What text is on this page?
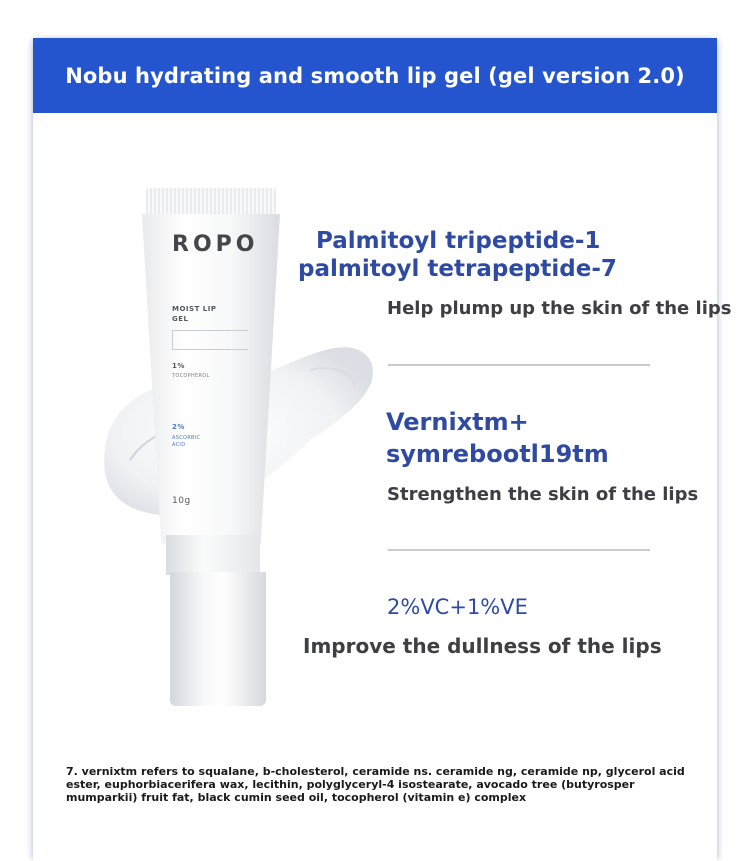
Nobu hydrating and smooth lip gel (gel version 2.0)
ROPO
MOIST LIP
GEL
1%
TOCOPHEROL
2%
ASCORBIC
ACID
10g
Palmitoyl tripeptide-1
palmitoyl tetrapeptide-7
Help plump up the skin of the lips
Vernixtm+
symrebootl19tm
Strengthen the skin of the lips
2%VC+1%VE
Improve the dullness of the lips
7. vernixtm refers to squalane, b-cholesterol, ceramide ns. ceramide ng, ceramide np, glycerol acid ester, euphorbiacerifera wax, lecithin, polyglyceryl-4 isostearate, avocado tree (butyrosper mumparkii) fruit fat, black cumin seed oil, tocopherol (vitamin e) complex
